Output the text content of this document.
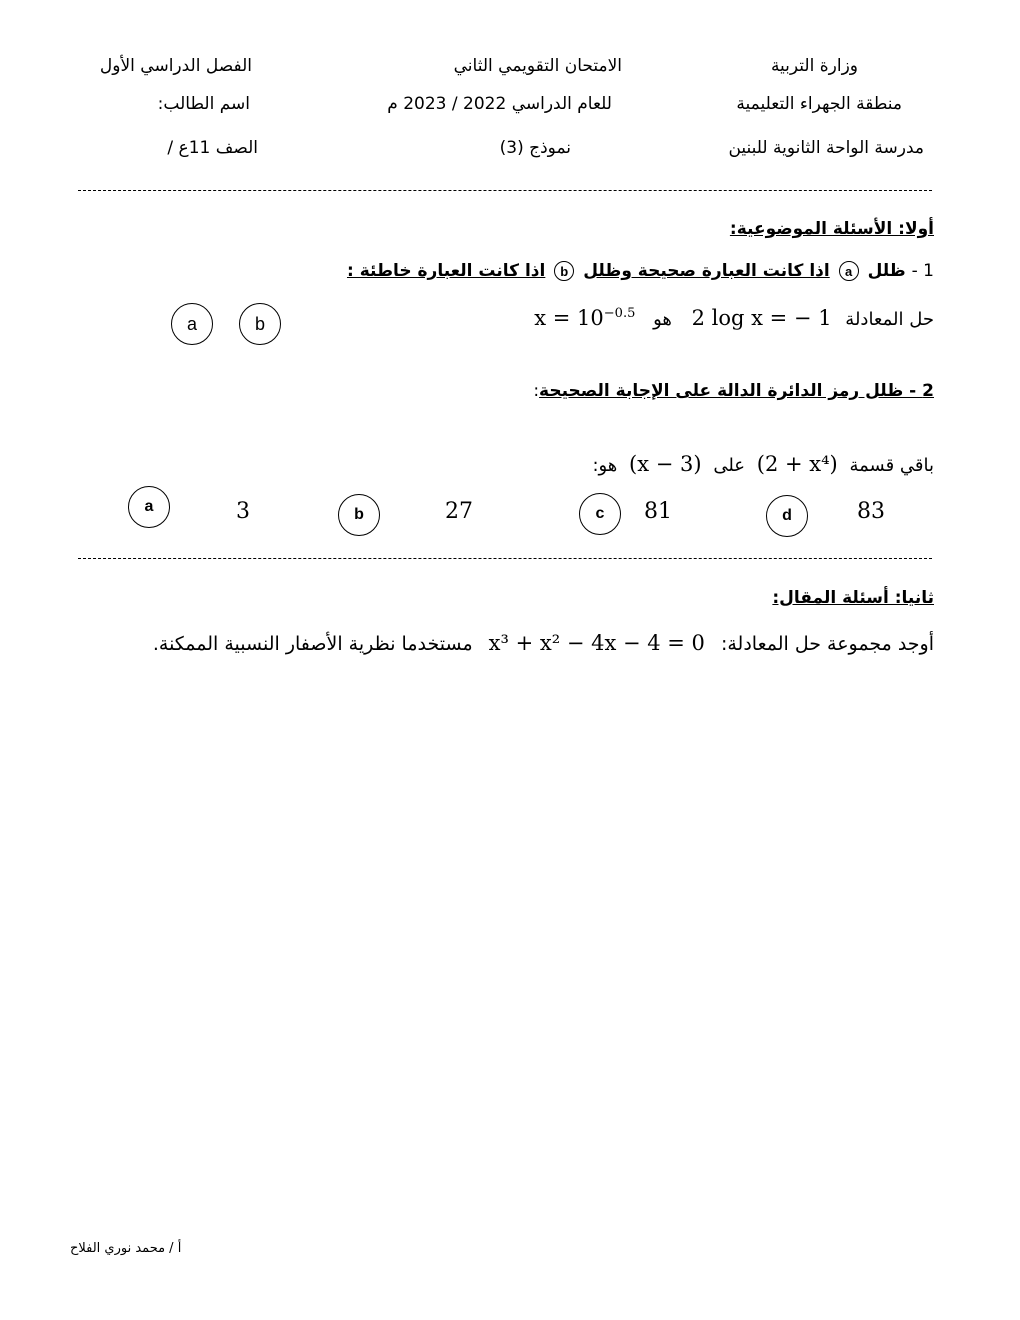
وزارة التربية
منطقة الجهراء التعليمية
مدرسة الواحة الثانوية للبنين
الامتحان التقويمي الثاني
للعام الدراسي 2022 / 2023 م
نموذج (3)
الفصل الدراسي الأول
اسم الطالب:
الصف 11ع /
أولا: الأسئلة الموضوعية:
1 - ظلل a اذا كانت العبارة صحيحة وظلل b اذا كانت العبارة خاطئة :
حل المعادلة 2 log x = − 1 هو $x = 10^{-0.5}$
a	b
2 - ظلل رمز الدائرة الدالة على الإجابة الصحيحة:
باقي قسمة (2 + x⁴) على (x − 3) هو:
a	3	b	27	c	81	d	83
ثانيا: أسئلة المقال:
أوجد مجموعة حل المعادلة: x³ + x² − 4x − 4 = 0 مستخدما نظرية الأصفار النسبية الممكنة.
أ / محمد نوري الفلاح
